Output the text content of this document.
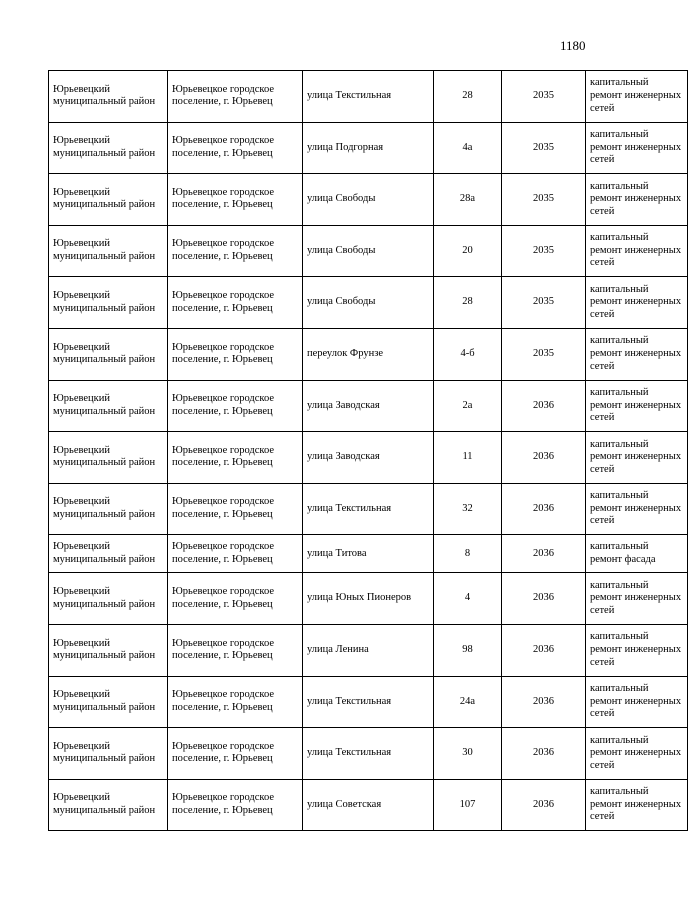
1180
Юрьевецкий муниципальный район	Юрьевецкое городское поселение, г. Юрьевец	улица Текстильная	28	2035	капитальный ремонт инженерных сетей
Юрьевецкий муниципальный район	Юрьевецкое городское поселение, г. Юрьевец	улица Подгорная	4а	2035	капитальный ремонт инженерных сетей
Юрьевецкий муниципальный район	Юрьевецкое городское поселение, г. Юрьевец	улица Свободы	28а	2035	капитальный ремонт инженерных сетей
Юрьевецкий муниципальный район	Юрьевецкое городское поселение, г. Юрьевец	улица Свободы	20	2035	капитальный ремонт инженерных сетей
Юрьевецкий муниципальный район	Юрьевецкое городское поселение, г. Юрьевец	улица Свободы	28	2035	капитальный ремонт инженерных сетей
Юрьевецкий муниципальный район	Юрьевецкое городское поселение, г. Юрьевец	переулок Фрунзе	4-б	2035	капитальный ремонт инженерных сетей
Юрьевецкий муниципальный район	Юрьевецкое городское поселение, г. Юрьевец	улица Заводская	2а	2036	капитальный ремонт инженерных сетей
Юрьевецкий муниципальный район	Юрьевецкое городское поселение, г. Юрьевец	улица Заводская	11	2036	капитальный ремонт инженерных сетей
Юрьевецкий муниципальный район	Юрьевецкое городское поселение, г. Юрьевец	улица Текстильная	32	2036	капитальный ремонт инженерных сетей
Юрьевецкий муниципальный район	Юрьевецкое городское поселение, г. Юрьевец	улица Титова	8	2036	капитальный ремонт фасада
Юрьевецкий муниципальный район	Юрьевецкое городское поселение, г. Юрьевец	улица Юных Пионеров	4	2036	капитальный ремонт инженерных сетей
Юрьевецкий муниципальный район	Юрьевецкое городское поселение, г. Юрьевец	улица Ленина	98	2036	капитальный ремонт инженерных сетей
Юрьевецкий муниципальный район	Юрьевецкое городское поселение, г. Юрьевец	улица Текстильная	24а	2036	капитальный ремонт инженерных сетей
Юрьевецкий муниципальный район	Юрьевецкое городское поселение, г. Юрьевец	улица Текстильная	30	2036	капитальный ремонт инженерных сетей
Юрьевецкий муниципальный район	Юрьевецкое городское поселение, г. Юрьевец	улица Советская	107	2036	капитальный ремонт инженерных сетей
